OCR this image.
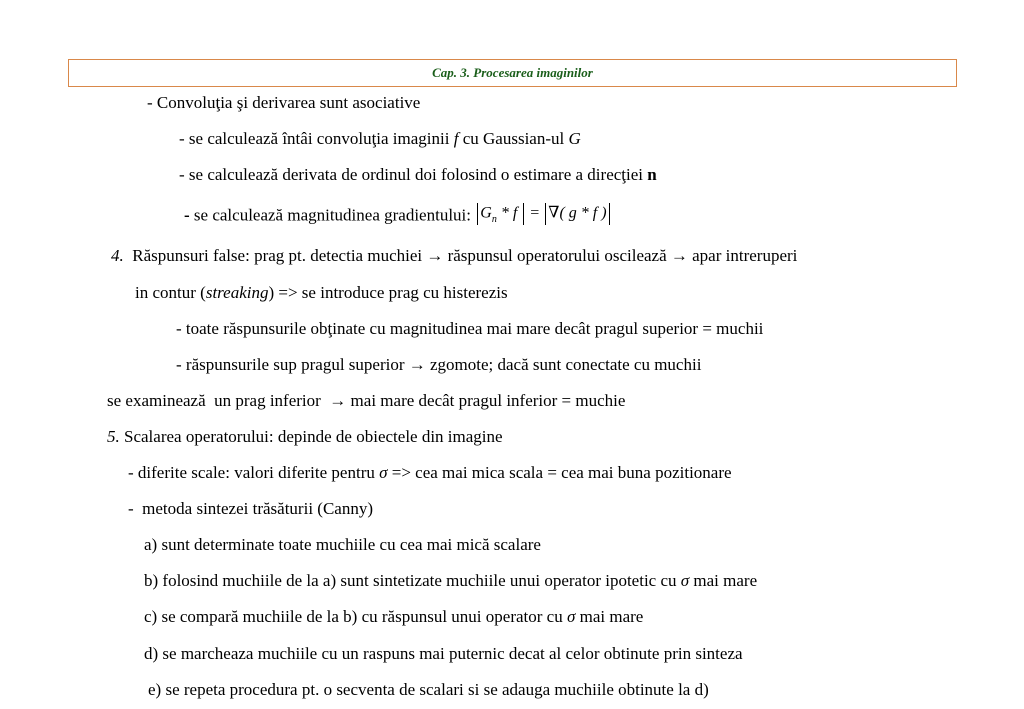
Cap. 3. Procesarea imaginilor
- Convoluţia şi derivarea sunt asociative
- se calculează întâi convoluţia imaginii f cu Gaussian-ul G
- se calculează derivata de ordinul doi folosind o estimare a direcţiei n
- se calculează magnitudinea gradientului: $G_n$ * f  = ∇( g * f )
4.  Răspunsuri false: prag pt. detectia muchiei → răspunsul operatorului oscilează → apar intreruperi
in contur (streaking) => se introduce prag cu histerezis
- toate răspunsurile obţinate cu magnitudinea mai mare decât pragul superior = muchii
- răspunsurile sup pragul superior → zgomote; dacă sunt conectate cu muchii
se examinează  un prag inferior  → mai mare decât pragul inferior = muchie
5. Scalarea operatorului: depinde de obiectele din imagine
- diferite scale: valori diferite pentru σ => cea mai mica scala = cea mai buna pozitionare
-  metoda sintezei trăsăturii (Canny)
a) sunt determinate toate muchiile cu cea mai mică scalare
b) folosind muchiile de la a) sunt sintetizate muchiile unui operator ipotetic cu σ mai mare
c) se compară muchiile de la b) cu răspunsul unui operator cu σ mai mare
d) se marcheaza muchiile cu un raspuns mai puternic decat al celor obtinute prin sinteza
e) se repeta procedura pt. o secventa de scalari si se adauga muchiile obtinute la d)
